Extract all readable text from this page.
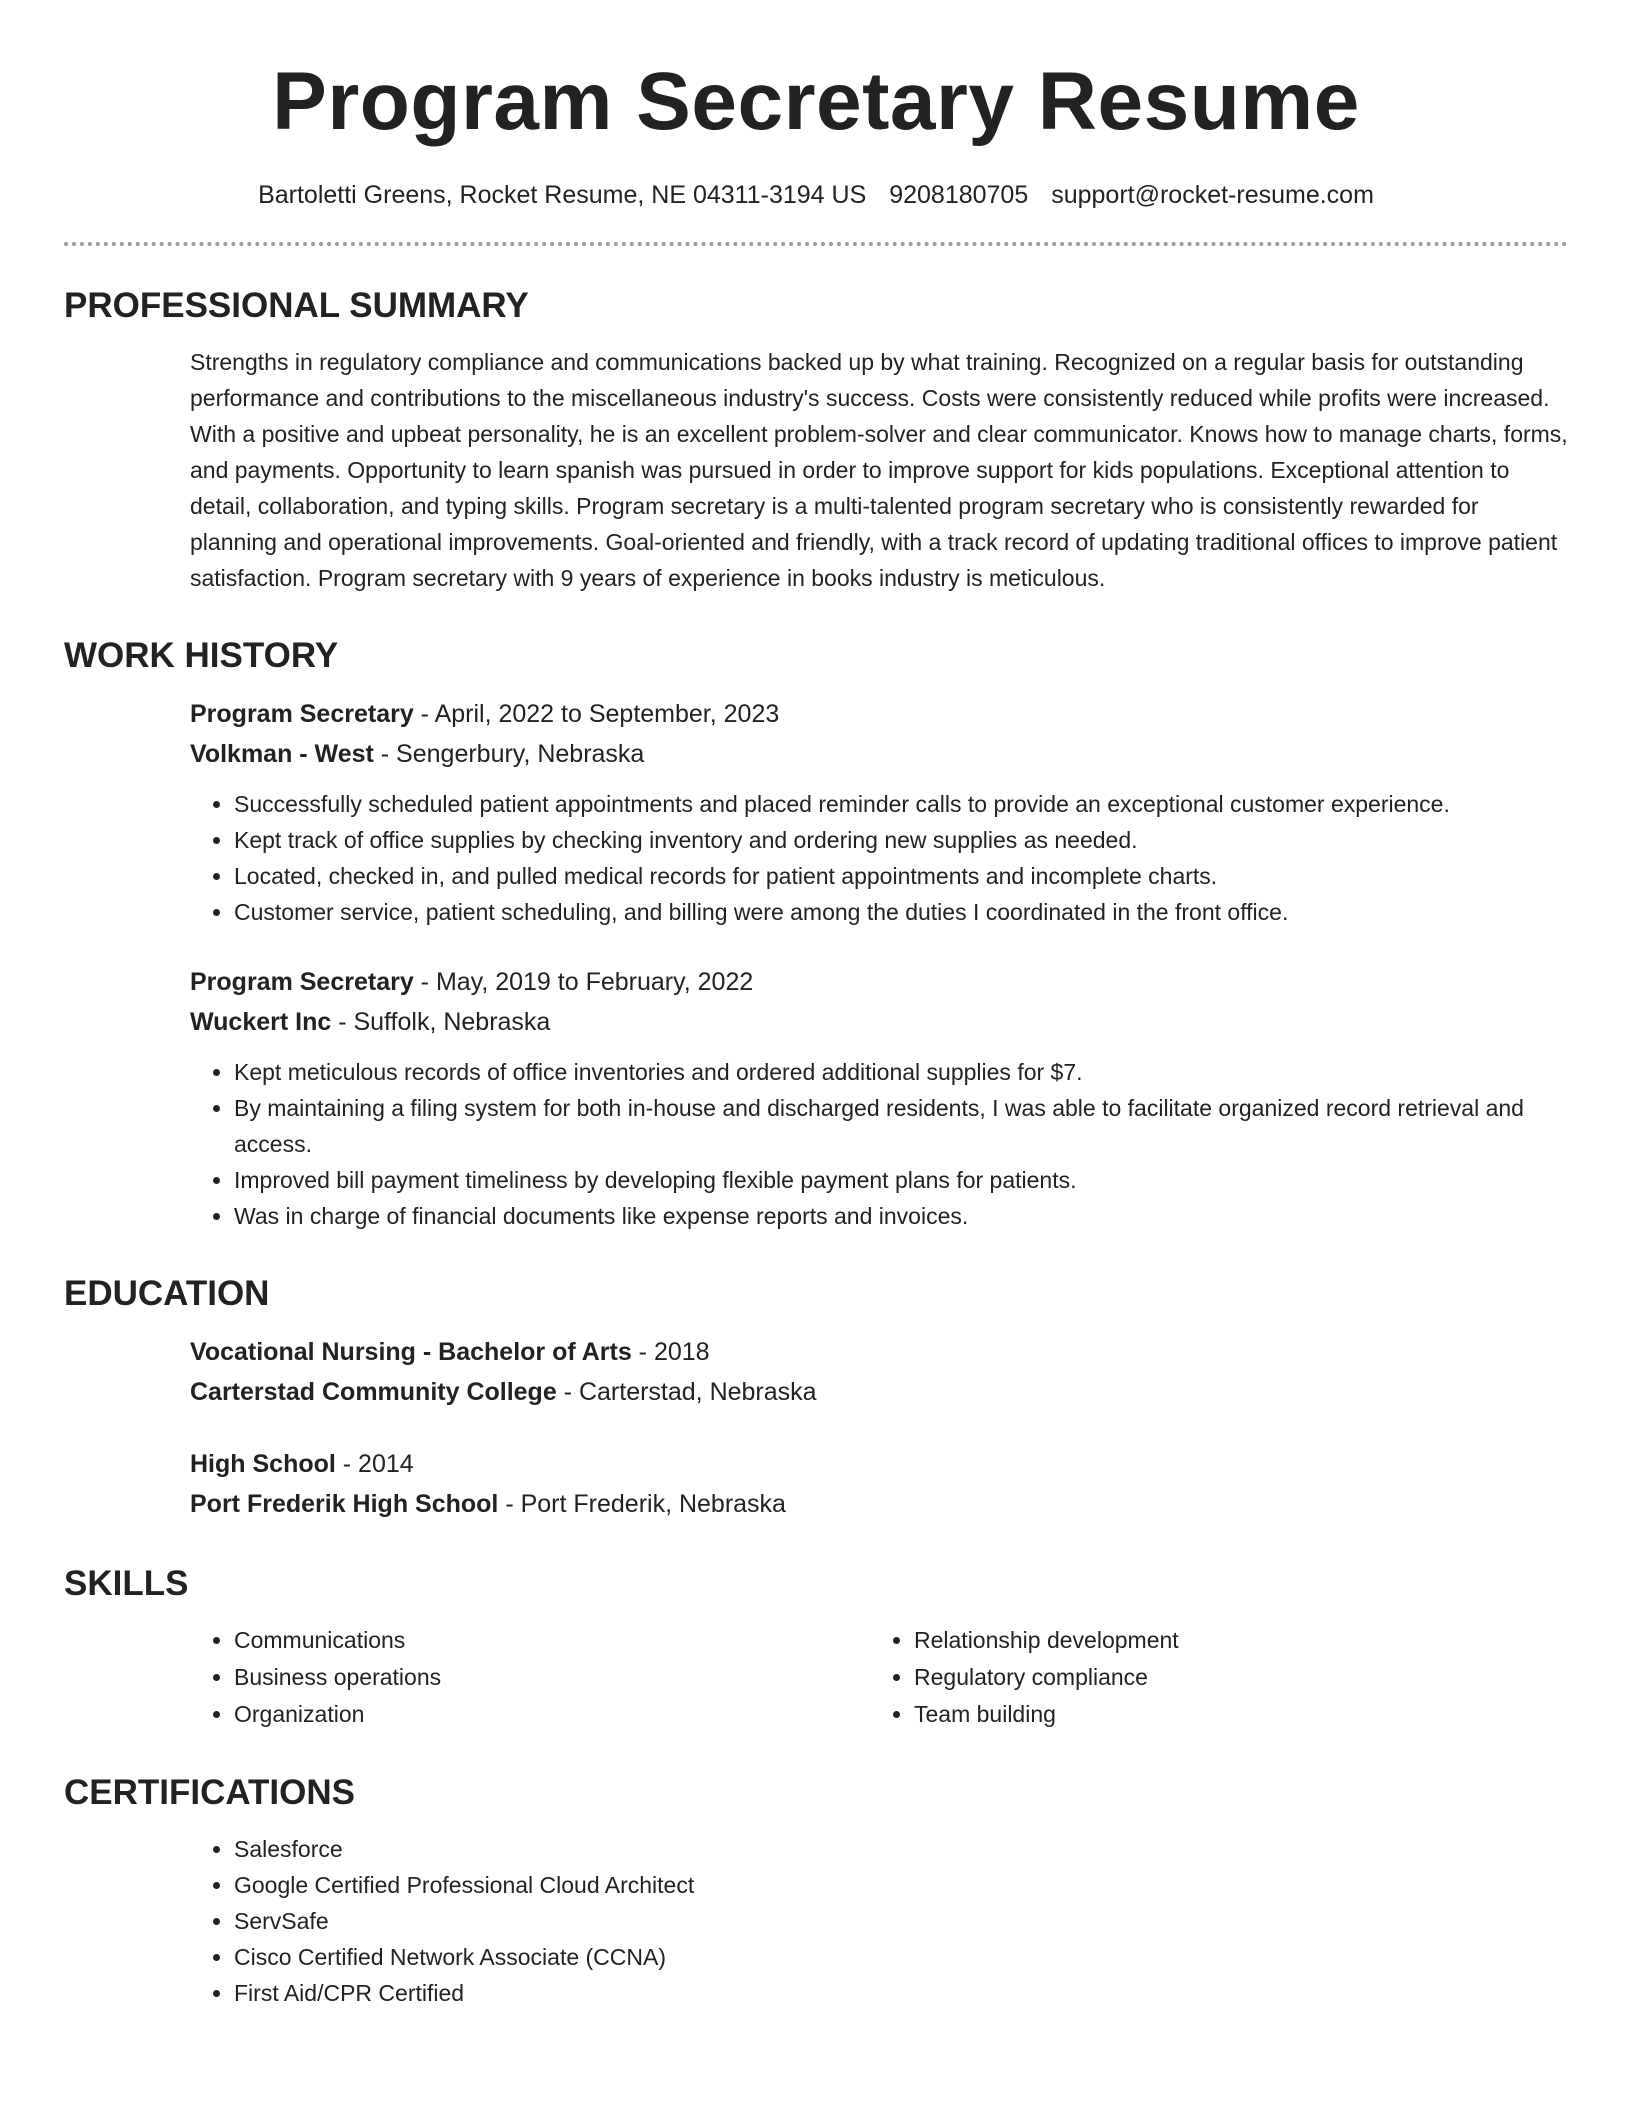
Program Secretary Resume
Bartoletti Greens, Rocket Resume, NE 04311-3194 US 9208180705 support@rocket-resume.com
PROFESSIONAL SUMMARY

Strengths in regulatory compliance and communications backed up by what training. Recognized on a regular basis for outstanding performance and contributions to the miscellaneous industry's success. Costs were consistently reduced while profits were increased. With a positive and upbeat personality, he is an excellent problem-solver and clear communicator. Knows how to manage charts, forms, and payments. Opportunity to learn spanish was pursued in order to improve support for kids populations. Exceptional attention to detail, collaboration, and typing skills. Program secretary is a multi-talented program secretary who is consistently rewarded for planning and operational improvements. Goal-oriented and friendly, with a track record of updating traditional offices to improve patient satisfaction. Program secretary with 9 years of experience in books industry is meticulous.

WORK HISTORY
Program Secretary - April, 2022 to September, 2023
Volkman - West - Sengerbury, Nebraska
• Successfully scheduled patient appointments and placed reminder calls to provide an exceptional customer experience.
• Kept track of office supplies by checking inventory and ordering new supplies as needed.
• Located, checked in, and pulled medical records for patient appointments and incomplete charts.
• Customer service, patient scheduling, and billing were among the duties I coordinated in the front office.
Program Secretary - May, 2019 to February, 2022
Wuckert Inc - Suffolk, Nebraska
• Kept meticulous records of office inventories and ordered additional supplies for $7.
• By maintaining a filing system for both in-house and discharged residents, I was able to facilitate organized record retrieval and access.
• Improved bill payment timeliness by developing flexible payment plans for patients.
• Was in charge of financial documents like expense reports and invoices.
EDUCATION
Vocational Nursing - Bachelor of Arts - 2018
Carterstad Community College - Carterstad, Nebraska
High School - 2014
Port Frederik High School - Port Frederik, Nebraska
SKILLS
• Communications
• Business operations
• Organization
• Relationship development
• Regulatory compliance
• Team building
CERTIFICATIONS
• Salesforce
• Google Certified Professional Cloud Architect
• ServSafe
• Cisco Certified Network Associate (CCNA)
• First Aid/CPR Certified
